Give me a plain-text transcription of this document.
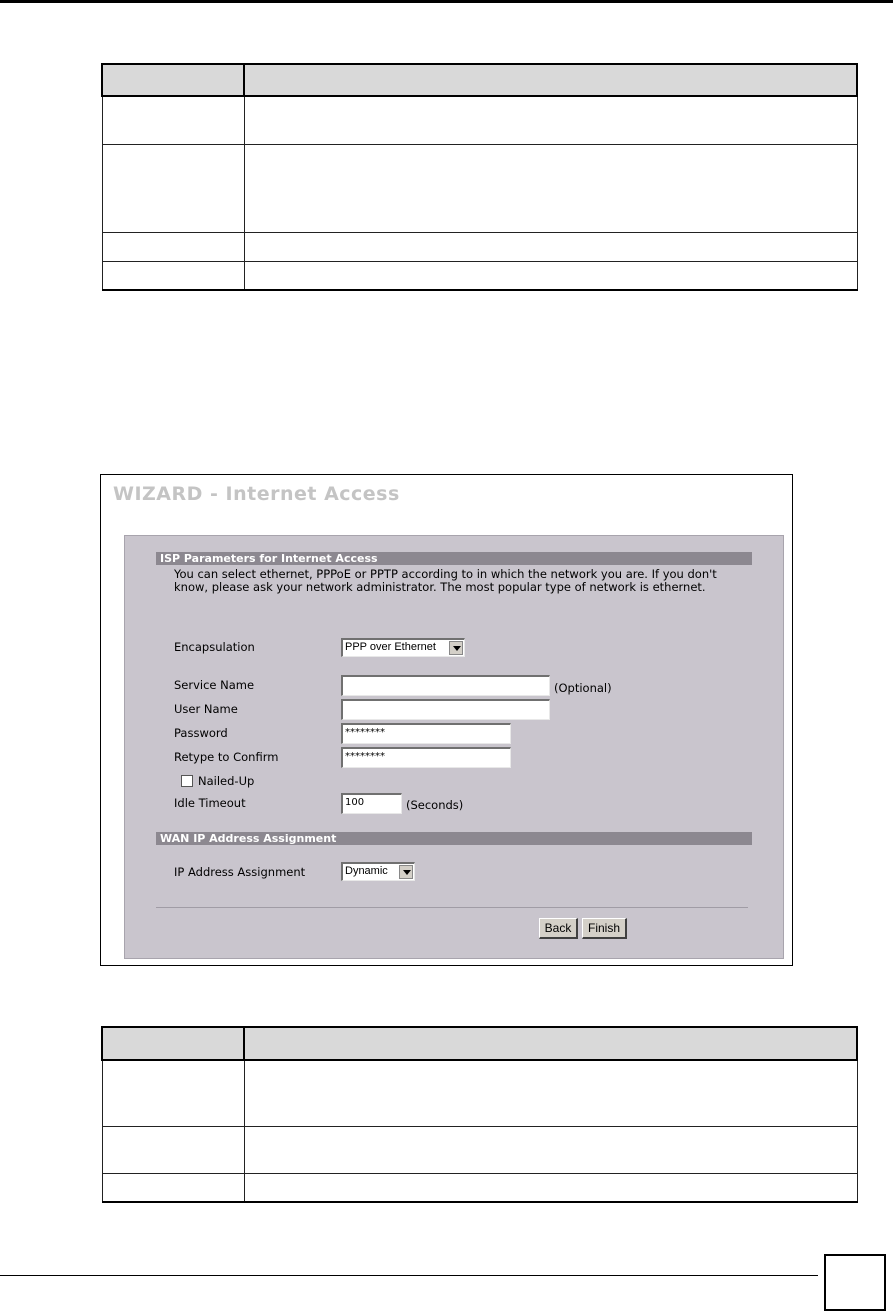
WIZARD - Internet Access
ISP Parameters for Internet Access
You can select ethernet, PPPoE or PPTP according to in which the network you are. If you don't know, please ask your network administrator. The most popular type of network is ethernet.
Encapsulation	PPP over Ethernet
Service Name	(Optional)
User Name
Password	********
Retype to Confirm	********
Nailed-Up
Idle Timeout	100	(Seconds)
WAN IP Address Assignment
IP Address Assignment	Dynamic
Back	Finish
